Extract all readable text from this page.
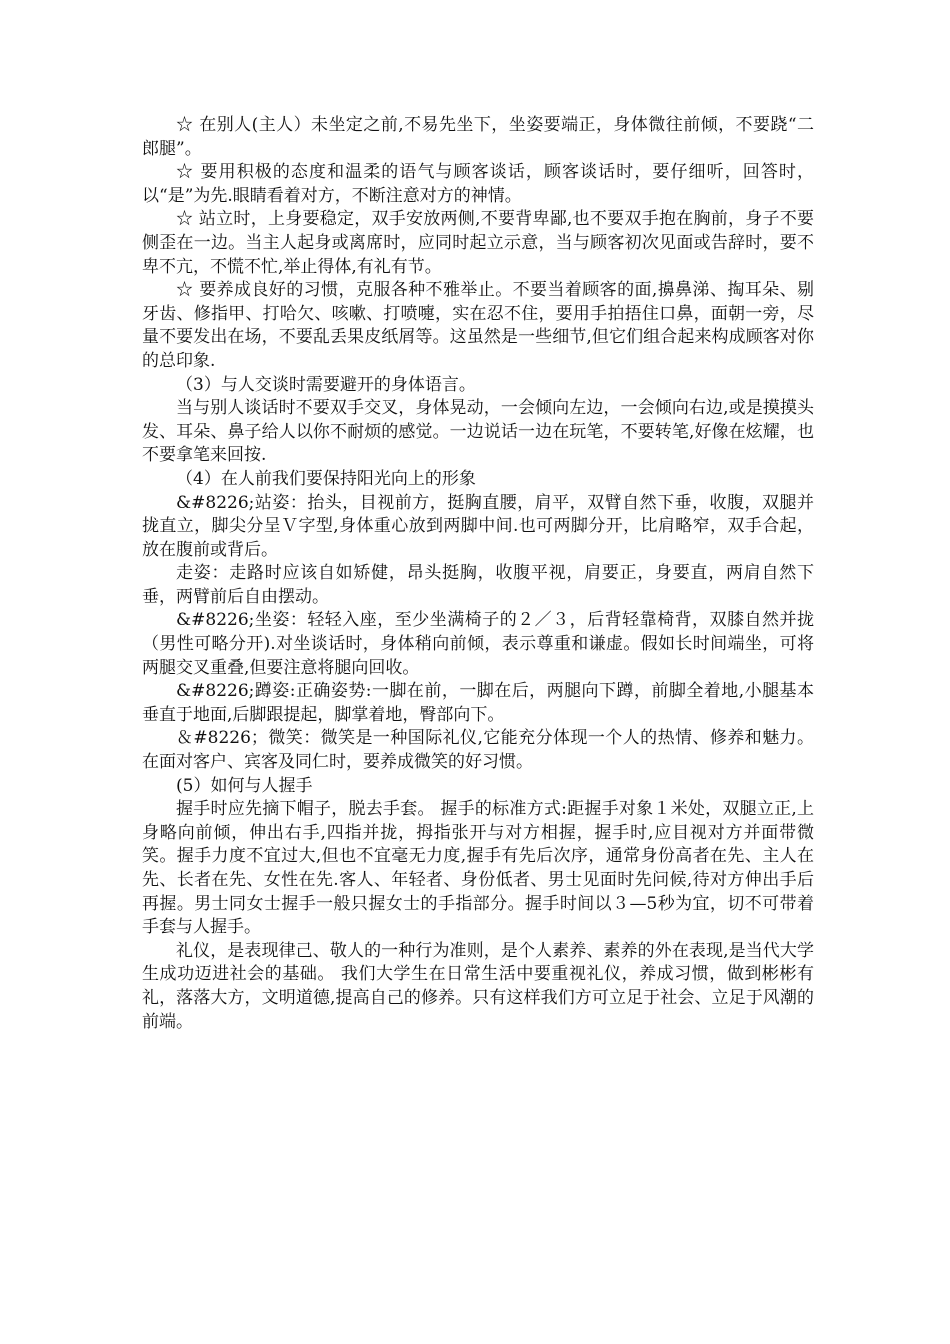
☆ 在别人(主人）未坐定之前,不易先坐下，坐姿要端正，身体微往前倾，不要跷“二郎腿”。

☆ 要用积极的态度和温柔的语气与顾客谈话，顾客谈话时，要仔细听，回答时，以“是”为先.眼睛看着对方，不断注意对方的神情。

☆ 站立时，上身要稳定，双手安放两侧,不要背卑鄙,也不要双手抱在胸前，身子不要侧歪在一边。当主人起身或离席时，应同时起立示意，当与顾客初次见面或告辞时，要不卑不亢，不慌不忙,举止得体,有礼有节。

☆ 要养成良好的习惯，克服各种不雅举止。不要当着顾客的面,擤鼻涕、掏耳朵、剔牙齿、修指甲、打哈欠、咳嗽、打喷嚏，实在忍不住，要用手拍捂住口鼻，面朝一旁，尽量不要发出在场，不要乱丢果皮纸屑等。这虽然是一些细节,但它们组合起来构成顾客对你的总印象.

（3）与人交谈时需要避开的身体语言。

当与别人谈话时不要双手交叉，身体晃动，一会倾向左边，一会倾向右边,或是摸摸头发、耳朵、鼻子给人以你不耐烦的感觉。一边说话一边在玩笔，不要转笔,好像在炫耀，也不要拿笔来回按.

（4）在人前我们要保持阳光向上的形象

&#8226;站姿：抬头，目视前方，挺胸直腰，肩平，双臂自然下垂，收腹，双腿并拢直立，脚尖分呈Ｖ字型,身体重心放到两脚中间.也可两脚分开，比肩略窄，双手合起，放在腹前或背后。

走姿：走路时应该自如矫健，昂头挺胸，收腹平视，肩要正，身要直，两肩自然下垂，两臂前后自由摆动。

&#8226;坐姿：轻轻入座，至少坐满椅子的２／３，后背轻靠椅背，双膝自然并拢（男性可略分开).对坐谈话时，身体稍向前倾，表示尊重和谦虚。假如长时间端坐，可将两腿交叉重叠,但要注意将腿向回收。

&#8226;蹲姿:正确姿势:一脚在前，一脚在后，两腿向下蹲，前脚全着地,小腿基本垂直于地面,后脚跟提起，脚掌着地，臀部向下。

＆#8226；微笑：微笑是一种国际礼仪,它能充分体现一个人的热情、修养和魅力。在面对客户、宾客及同仁时，要养成微笑的好习惯。

(5）如何与人握手

握手时应先摘下帽子，脱去手套。 握手的标准方式:距握手对象１米处，双腿立正,上身略向前倾，伸出右手,四指并拢，拇指张开与对方相握，握手时,应目视对方并面带微笑。握手力度不宜过大,但也不宜毫无力度,握手有先后次序，通常身份高者在先、主人在先、长者在先、女性在先.客人、年轻者、身份低者、男士见面时先问候,待对方伸出手后再握。男士同女士握手一般只握女士的手指部分。握手时间以３—5秒为宜，切不可带着手套与人握手。

礼仪，是表现律己、敬人的一种行为准则，是个人素养、素养的外在表现,是当代大学生成功迈进社会的基础。 我们大学生在日常生活中要重视礼仪，养成习惯，做到彬彬有礼，落落大方，文明道德,提高自己的修养。只有这样我们方可立足于社会、立足于风潮的前端。
